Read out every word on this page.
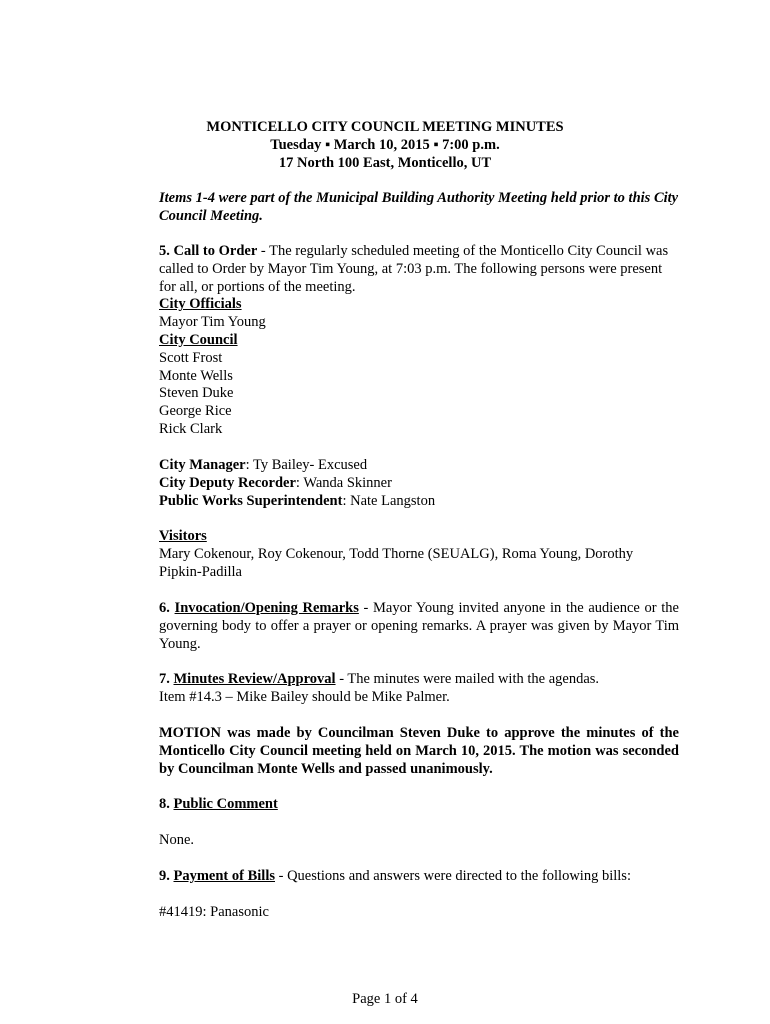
MONTICELLO CITY COUNCIL MEETING MINUTES
Tuesday ▪ March 10, 2015 ▪ 7:00 p.m.
17 North 100 East, Monticello, UT
Items 1-4 were part of the Municipal Building Authority Meeting held prior to this City Council Meeting.
5. Call to Order - The regularly scheduled meeting of the Monticello City Council was called to Order by Mayor Tim Young, at 7:03 p.m. The following persons were present for all, or portions of the meeting.
City Officials
Mayor Tim Young
City Council
Scott Frost
Monte Wells
Steven Duke
George Rice
Rick Clark
City Manager: Ty Bailey- Excused
City Deputy Recorder: Wanda Skinner
Public Works Superintendent: Nate Langston
Visitors
Mary Cokenour, Roy Cokenour, Todd Thorne (SEUALG), Roma Young, Dorothy Pipkin-Padilla
6. Invocation/Opening Remarks - Mayor Young invited anyone in the audience or the governing body to offer a prayer or opening remarks. A prayer was given by Mayor Tim Young.
7. Minutes Review/Approval - The minutes were mailed with the agendas.
Item #14.3 – Mike Bailey should be Mike Palmer.
MOTION was made by Councilman Steven Duke to approve the minutes of the Monticello City Council meeting held on March 10, 2015. The motion was seconded by Councilman Monte Wells and passed unanimously.
8. Public Comment
None.
9. Payment of Bills - Questions and answers were directed to the following bills:
#41419: Panasonic
Page 1 of 4
